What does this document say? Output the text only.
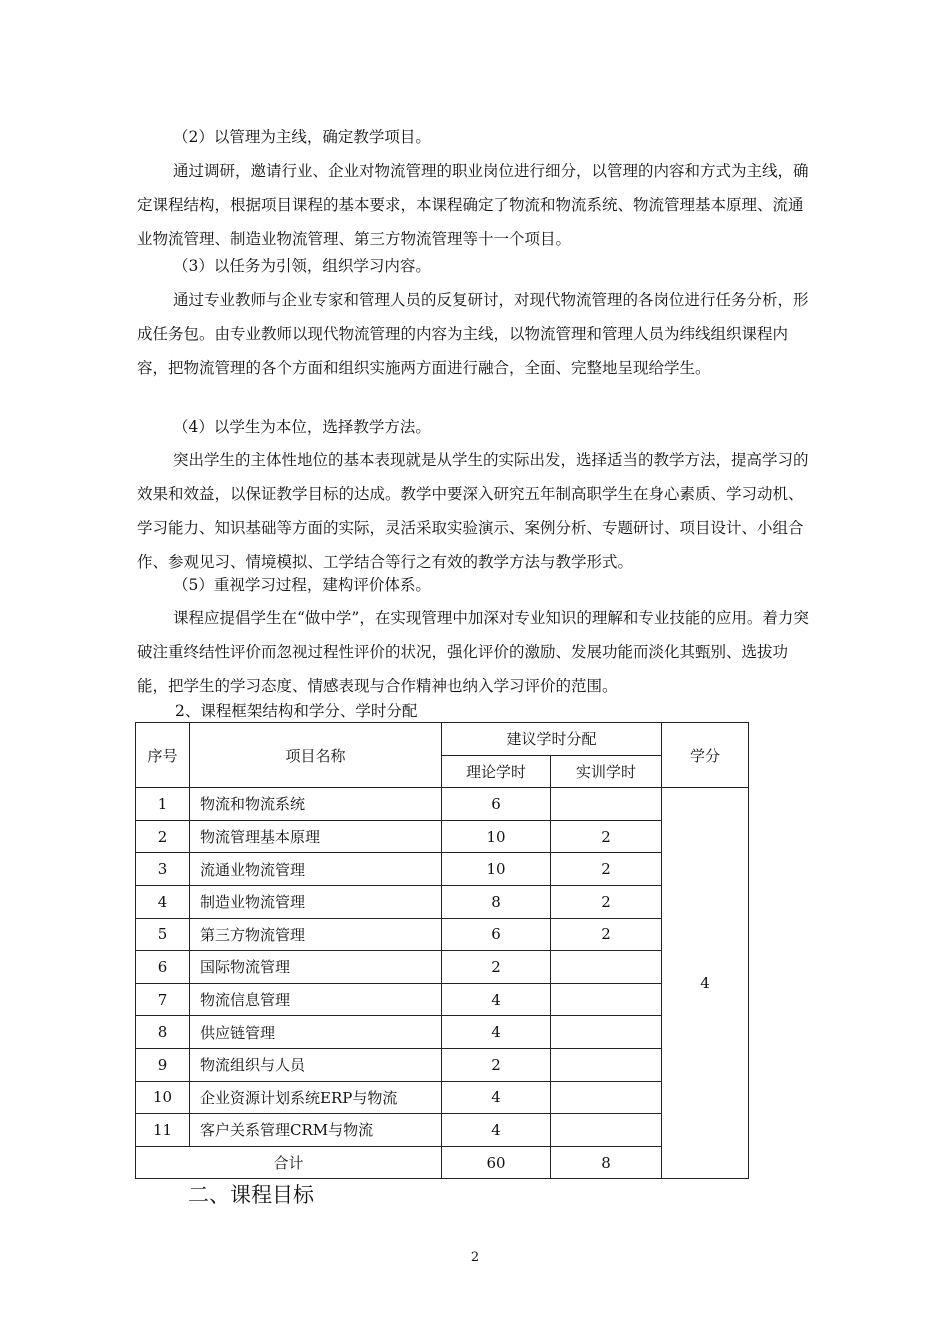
（2）以管理为主线，确定教学项目。

通过调研，邀请行业、企业对物流管理的职业岗位进行细分，以管理的内容和方式为主线，确定课程结构，根据项目课程的基本要求，本课程确定了物流和物流系统、物流管理基本原理、流通业物流管理、制造业物流管理、第三方物流管理等十一个项目。

（3）以任务为引领，组织学习内容。

通过专业教师与企业专家和管理人员的反复研讨，对现代物流管理的各岗位进行任务分析，形成任务包。由专业教师以现代物流管理的内容为主线，以物流管理和管理人员为纬线组织课程内容，把物流管理的各个方面和组织实施两方面进行融合，全面、完整地呈现给学生。

（4）以学生为本位，选择教学方法。

突出学生的主体性地位的基本表现就是从学生的实际出发，选择适当的教学方法，提高学习的效果和效益，以保证教学目标的达成。教学中要深入研究五年制高职学生在身心素质、学习动机、学习能力、知识基础等方面的实际，灵活采取实验演示、案例分析、专题研讨、项目设计、小组合作、参观见习、情境模拟、工学结合等行之有效的教学方法与教学形式。

（5）重视学习过程，建构评价体系。

课程应提倡学生在“做中学”，在实现管理中加深对专业知识的理解和专业技能的应用。着力突破注重终结性评价而忽视过程性评价的状况，强化评价的激励、发展功能而淡化其甄别、选拔功能，把学生的学习态度、情感表现与合作精神也纳入学习评价的范围。

2、课程框架结构和学分、学时分配

序号	项目名称	建议学时分配		学分
		理论学时	实训学时	
1	物流和物流系统	6		4
2	物流管理基本原理	10	2	
3	流通业物流管理	10	2	
4	制造业物流管理	8	2	
5	第三方物流管理	6	2	
6	国际物流管理	2		
7	物流信息管理	4		
8	供应链管理	4		
9	物流组织与人员	2		
10	企业资源计划系统ERP与物流	4		
11	客户关系管理CRM与物流	4		
合计		60	8	
二、课程目标

2
